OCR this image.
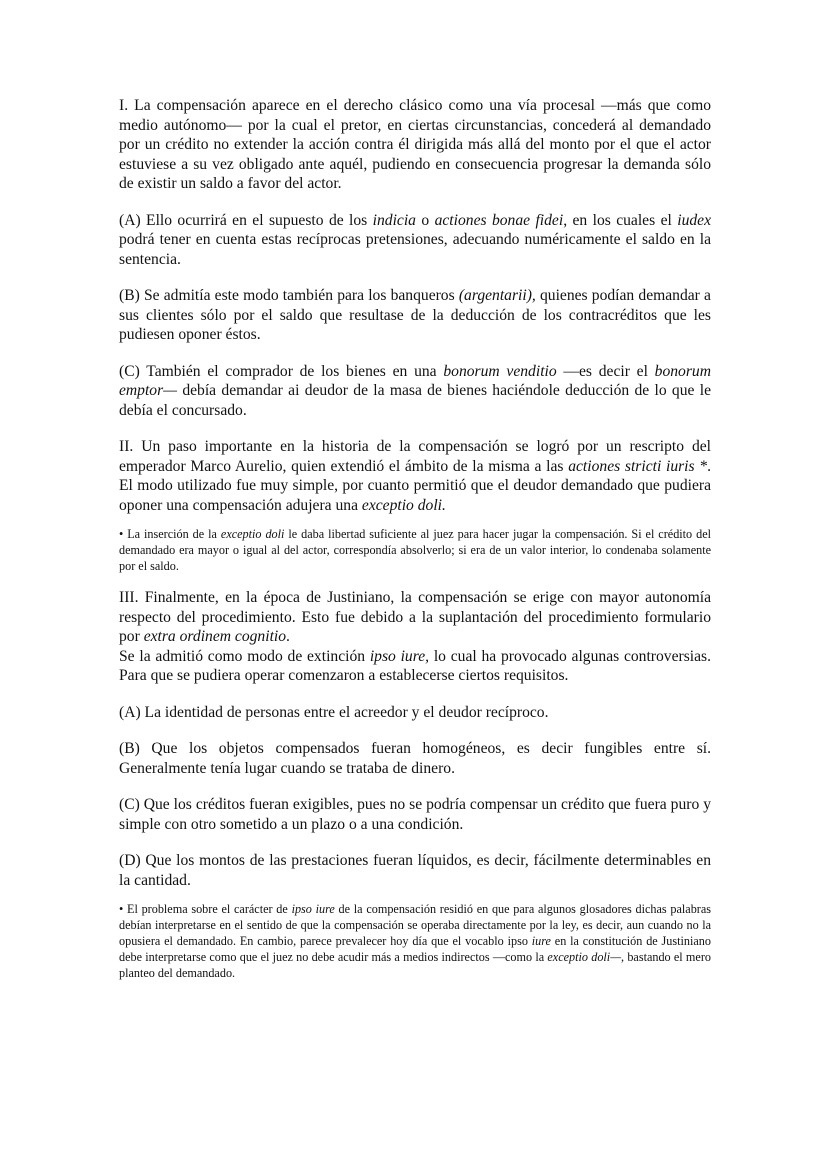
I. La compensación aparece en el derecho clásico como una vía procesal —más que como medio autónomo— por la cual el pretor, en ciertas circunstancias, concederá al demandado por un crédito no extender la acción contra él dirigida más allá del monto por el que el actor estuviese a su vez obligado ante aquél, pudiendo en consecuencia progresar la demanda sólo de existir un saldo a favor del actor.

(A) Ello ocurrirá en el supuesto de los indicia o actiones bonae fidei, en los cuales el iudex podrá tener en cuenta estas recíprocas pretensiones, adecuando numéricamente el saldo en la sentencia.

(B) Se admitía este modo también para los banqueros (argentarii), quienes podían demandar a sus clientes sólo por el saldo que resultase de la deducción de los contracréditos que les pudiesen oponer éstos.

(C) También el comprador de los bienes en una bonorum venditio —es decir el bonorum emptor— debía demandar ai deudor de la masa de bienes haciéndole deducción de lo que le debía el concursado.

II. Un paso importante en la historia de la compensación se logró por un rescripto del emperador Marco Aurelio, quien extendió el ámbito de la misma a las actiones stricti iuris *. El modo utilizado fue muy simple, por cuanto permitió que el deudor demandado que pudiera oponer una compensación adujera una exceptio doli.

• La inserción de la exceptio doli le daba libertad suficiente al juez para hacer jugar la compensación. Si el crédito del demandado era mayor o igual al del actor, correspondía absolverlo; si era de un valor interior, lo condenaba solamente por el saldo.

III. Finalmente, en la época de Justiniano, la compensación se erige con mayor autonomía respecto del procedimiento. Esto fue debido a la suplantación del procedimiento formulario por extra ordinem cognitio.

Se la admitió como modo de extinción ipso iure, lo cual ha provocado algunas controversias. Para que se pudiera operar comenzaron a establecerse ciertos requisitos.

(A) La identidad de personas entre el acreedor y el deudor recíproco.

(B) Que los objetos compensados fueran homogéneos, es decir fungibles entre sí. Generalmente tenía lugar cuando se trataba de dinero.

(C) Que los créditos fueran exigibles, pues no se podría compensar un crédito que fuera puro y simple con otro sometido a un plazo o a una condición.

(D) Que los montos de las prestaciones fueran líquidos, es decir, fácilmente determinables en la cantidad.

• El problema sobre el carácter de ipso iure de la compensación residió en que para algunos glosadores dichas palabras debían interpretarse en el sentido de que la compensación se operaba directamente por la ley, es decir, aun cuando no la opusiera el demandado. En cambio, parece prevalecer hoy día que el vocablo ipso iure en la constitución de Justiniano debe interpretarse como que el juez no debe acudir más a medios indirectos —como la exceptio doli—, bastando el mero planteo del demandado.
